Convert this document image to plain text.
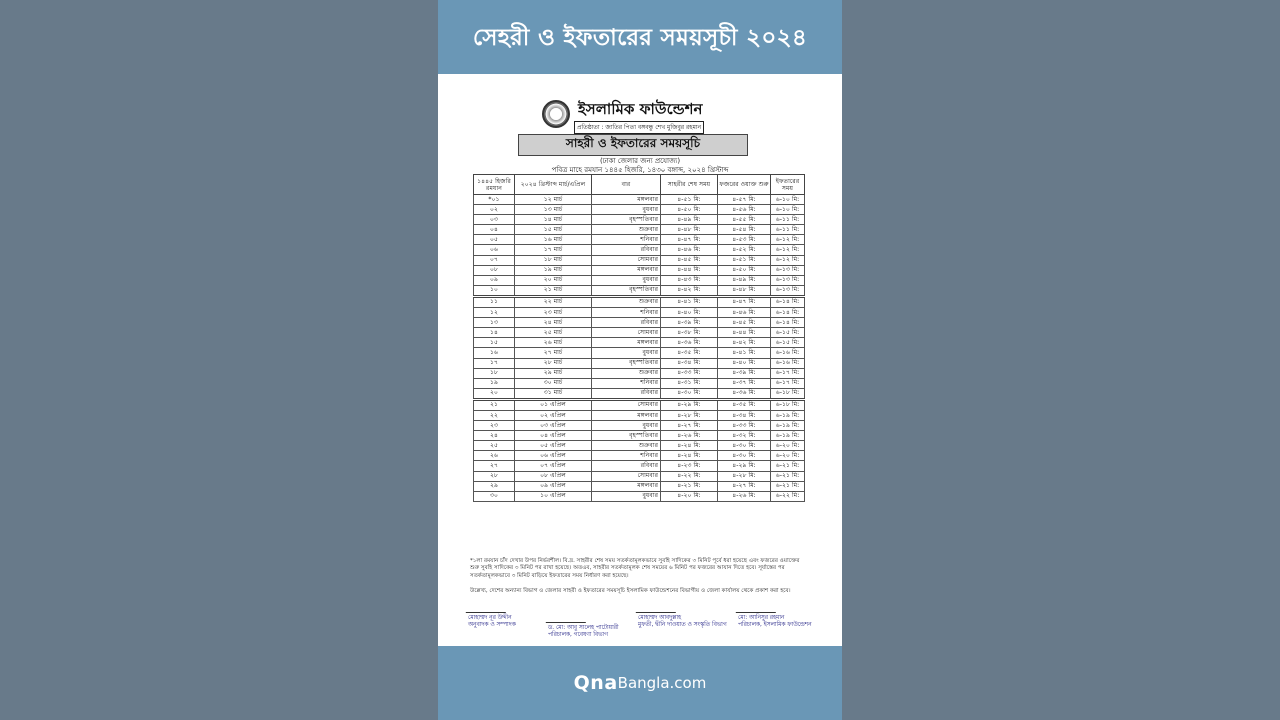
সেহরী ও ইফতারের সময়সূচী ২০২৪
ইসলামিক ফাউন্ডেশন
প্রতিষ্ঠাতা : জাতির পিতা বঙ্গবন্ধু শেখ মুজিবুর রহমান
সাহরী ও ইফতারের সময়সূচি
(ঢাকা জেলার জন্য প্রযোজ্য)
পবিত্র মাহে রমযান ১৪৪৫ হিজরি, ১৪৩০ বঙ্গাব্দ, ২০২৪ খ্রিস্টাব্দ
১৪৪৫ হিজরি রমযান	২০২৪ খ্রিস্টাব্দ মার্চ/এপ্রিল	বার	সাহরীর শেষ সময়	ফজরের ওয়াক্ত শুরু	ইফতারের সময়
*০১	১২ মার্চ	মঙ্গলবার	৪-৫১ মি:	৪-৫৭ মি:	৬-১০ মি:
০২	১৩ মার্চ	বুধবার	৪-৫০ মি:	৪-৫৬ মি:	৬-১০ মি:
০৩	১৪ মার্চ	বৃহস্পতিবার	৪-৪৯ মি:	৪-৫৫ মি:	৬-১১ মি:
০৪	১৫ মার্চ	শুক্রবার	৪-৪৮ মি:	৪-৫৪ মি:	৬-১১ মি:
০৫	১৬ মার্চ	শনিবার	৪-৪৭ মি:	৪-৫৩ মি:	৬-১২ মি:
০৬	১৭ মার্চ	রবিবার	৪-৪৬ মি:	৪-৫২ মি:	৬-১২ মি:
০৭	১৮ মার্চ	সোমবার	৪-৪৫ মি:	৪-৫১ মি:	৬-১২ মি:
০৮	১৯ মার্চ	মঙ্গলবার	৪-৪৪ মি:	৪-৫০ মি:	৬-১৩ মি:
০৯	২০ মার্চ	বুধবার	৪-৪৩ মি:	৪-৪৯ মি:	৬-১৩ মি:
১০	২১ মার্চ	বৃহস্পতিবার	৪-৪২ মি:	৪-৪৮ মি:	৬-১৩ মি:
১১	২২ মার্চ	শুক্রবার	৪-৪১ মি:	৪-৪৭ মি:	৬-১৪ মি:
১২	২৩ মার্চ	শনিবার	৪-৪০ মি:	৪-৪৬ মি:	৬-১৪ মি:
১৩	২৪ মার্চ	রবিবার	৪-৩৯ মি:	৪-৪৫ মি:	৬-১৪ মি:
১৪	২৫ মার্চ	সোমবার	৪-৩৮ মি:	৪-৪৪ মি:	৬-১৫ মি:
১৫	২৬ মার্চ	মঙ্গলবার	৪-৩৬ মি:	৪-৪২ মি:	৬-১৫ মি:
১৬	২৭ মার্চ	বুধবার	৪-৩৫ মি:	৪-৪১ মি:	৬-১৬ মি:
১৭	২৮ মার্চ	বৃহস্পতিবার	৪-৩৪ মি:	৪-৪০ মি:	৬-১৬ মি:
১৮	২৯ মার্চ	শুক্রবার	৪-৩৩ মি:	৪-৩৯ মি:	৬-১৭ মি:
১৯	৩০ মার্চ	শনিবার	৪-৩১ মি:	৪-৩৭ মি:	৬-১৭ মি:
২০	৩১ মার্চ	রবিবার	৪-৩০ মি:	৪-৩৬ মি:	৬-১৮ মি:
২১	০১ এপ্রিল	সোমবার	৪-২৯ মি:	৪-৩৫ মি:	৬-১৮ মি:
২২	০২ এপ্রিল	মঙ্গলবার	৪-২৮ মি:	৪-৩৪ মি:	৬-১৯ মি:
২৩	০৩ এপ্রিল	বুধবার	৪-২৭ মি:	৪-৩৩ মি:	৬-১৯ মি:
২৪	০৪ এপ্রিল	বৃহস্পতিবার	৪-২৬ মি:	৪-৩২ মি:	৬-১৯ মি:
২৫	০৫ এপ্রিল	শুক্রবার	৪-২৪ মি:	৪-৩০ মি:	৬-২০ মি:
২৬	০৬ এপ্রিল	শনিবার	৪-২৪ মি:	৪-৩০ মি:	৬-২০ মি:
২৭	০৭ এপ্রিল	রবিবার	৪-২৩ মি:	৪-২৯ মি:	৬-২১ মি:
২৮	০৮ এপ্রিল	সোমবার	৪-২২ মি:	৪-২৮ মি:	৬-২১ মি:
২৯	০৯ এপ্রিল	মঙ্গলবার	৪-২১ মি:	৪-২৭ মি:	৬-২১ মি:
৩০	১০ এপ্রিল	বুধবার	৪-২০ মি:	৪-২৬ মি:	৬-২২ মি:
*১লা রমযান চাঁদ দেখার উপর নির্ভরশীল। বি.দ্র. সাহরীর শেষ সময় সতর্কতামূলকভাবে সুবহি সাদিকের ৩ মিনিট পূর্বে ধরা হয়েছে এবং ফজরের ওয়াক্তের শুরু সুবহি সাদিকের ৩ মিনিট পর রাখা হয়েছে। অতএব, সাহরীর সতর্কতামূলক শেষ সময়ের ৬ মিনিট পর ফজরের আযান দিতে হবে। সূর্যাস্তের পর সতর্কতামূলকভাবে ৩ মিনিট বাড়িয়ে ইফতারের সময় নির্ধারণ করা হয়েছে।
উল্লেখ্য, দেশের অন্যান্য বিভাগ ও জেলার সাহরী ও ইফতারের সময়সূচি ইসলামিক ফাউন্ডেশনের বিভাগীয় ও জেলা কার্যালয় থেকে প্রকাশ করা হবে।
মোহাম্মদ নূর উদ্দীন
অনুবাদক ও সম্পাদক	ড. মো: আবু সালেহ পাটোয়ারী
পরিচালক, গবেষণা বিভাগ
মোহাম্মদ আবদুল্লাহ
মুফতী, দ্বীনি দাওয়াত ও সংস্কৃতি বিভাগ
মো: আনিসুর রহমান
পরিচালক, ইসলামিক ফাউন্ডেশন
Qna Bangla.com
